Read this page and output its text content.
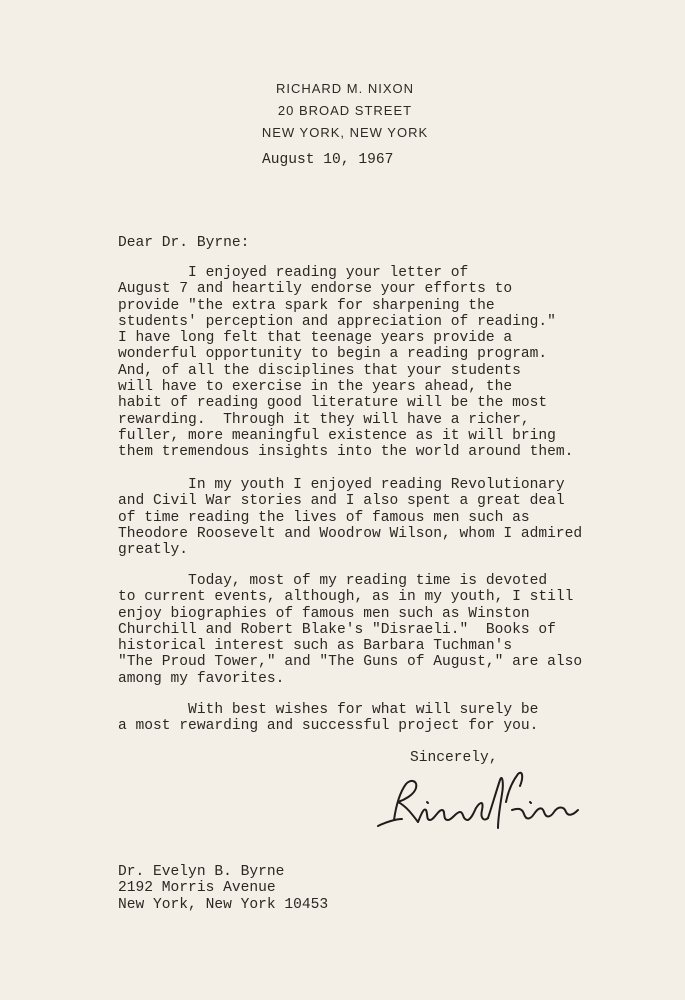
RICHARD M. NIXON
20 BROAD STREET
NEW YORK, NEW YORK
August 10, 1967
Dear Dr. Byrne:
I enjoyed reading your letter of
August 7 and heartily endorse your efforts to
provide "the extra spark for sharpening the
students' perception and appreciation of reading."
I have long felt that teenage years provide a
wonderful opportunity to begin a reading program.
And, of all the disciplines that your students
will have to exercise in the years ahead, the
habit of reading good literature will be the most
rewarding.  Through it they will have a richer,
fuller, more meaningful existence as it will bring
them tremendous insights into the world around them.
In my youth I enjoyed reading Revolutionary
and Civil War stories and I also spent a great deal
of time reading the lives of famous men such as
Theodore Roosevelt and Woodrow Wilson, whom I admired
greatly.
Today, most of my reading time is devoted
to current events, although, as in my youth, I still
enjoy biographies of famous men such as Winston
Churchill and Robert Blake's "Disraeli."  Books of
historical interest such as Barbara Tuchman's
"The Proud Tower," and "The Guns of August," are also
among my favorites.
With best wishes for what will surely be
a most rewarding and successful project for you.
Sincerely,
Dr. Evelyn B. Byrne
2192 Morris Avenue
New York, New York 10453
